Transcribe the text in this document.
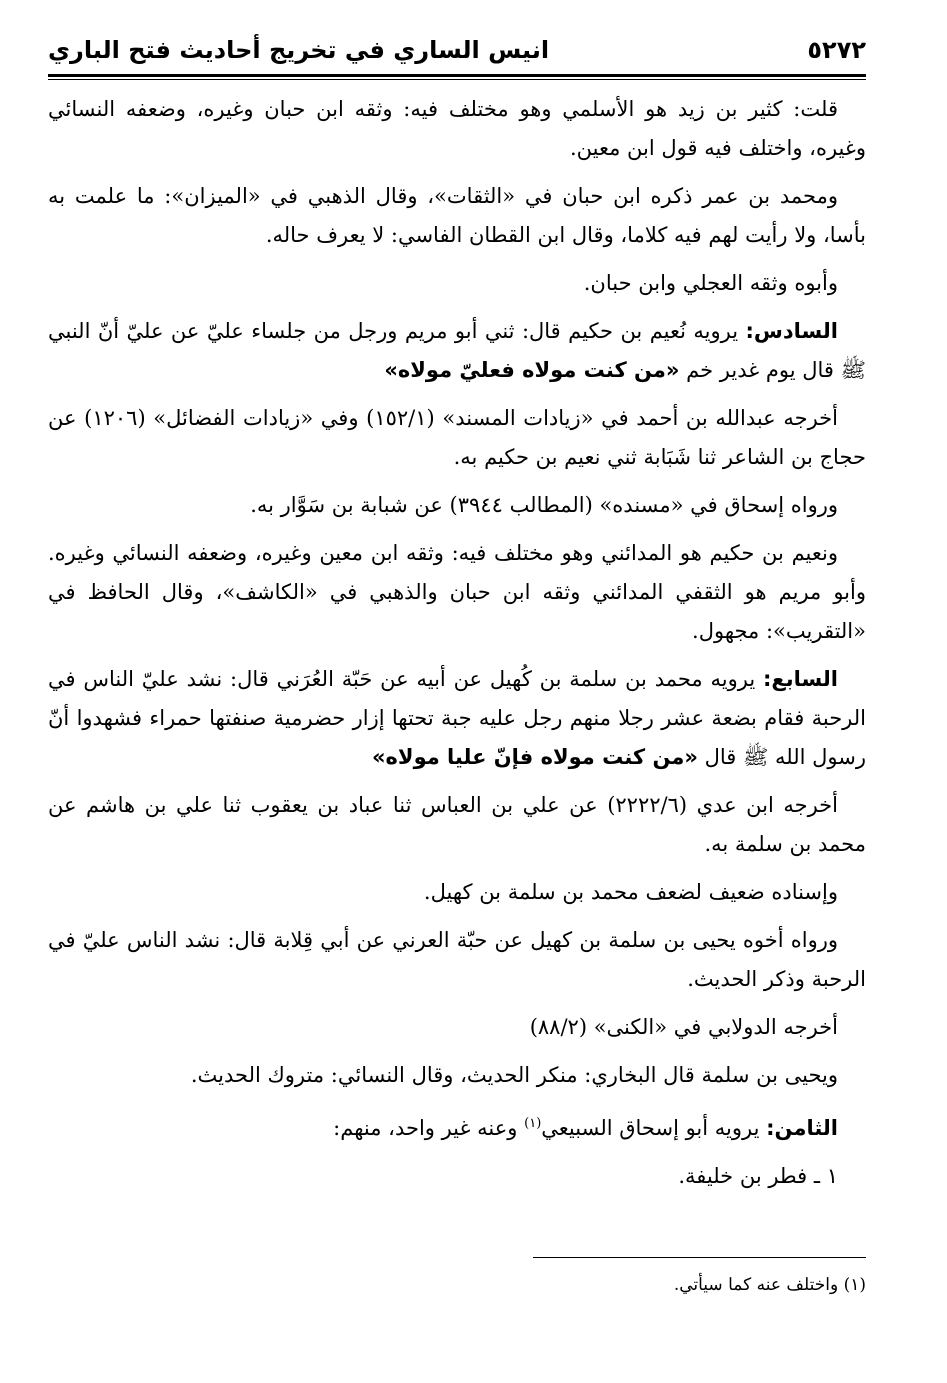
٥٢٧٢
انيس الساري في تخريج أحاديث فتح الباري

قلت: كثير بن زيد هو الأسلمي وهو مختلف فيه: وثقه ابن حبان وغيره، وضعفه النسائي وغيره، واختلف فيه قول ابن معين.

ومحمد بن عمر ذكره ابن حبان في «الثقات»، وقال الذهبي في «الميزان»: ما علمت به بأسا، ولا رأيت لهم فيه كلاما، وقال ابن القطان الفاسي: لا يعرف حاله.

وأبوه وثقه العجلي وابن حبان.

السادس: يرويه نُعيم بن حكيم قال: ثني أبو مريم ورجل من جلساء عليّ عن عليّ أنّ النبي ﷺ قال يوم غدير خم «من كنت مولاه فعليّ مولاه»

أخرجه عبدالله بن أحمد في «زيادات المسند» (١٥٢/١) وفي «زيادات الفضائل» (١٢٠٦) عن حجاج بن الشاعر ثنا شَبَابة ثني نعيم بن حكيم به.

ورواه إسحاق في «مسنده» (المطالب ٣٩٤٤) عن شبابة بن سَوَّار به.

ونعيم بن حكيم هو المدائني وهو مختلف فيه: وثقه ابن معين وغيره، وضعفه النسائي وغيره. وأبو مريم هو الثقفي المدائني وثقه ابن حبان والذهبي في «الكاشف»، وقال الحافظ في «التقريب»: مجهول.

السابع: يرويه محمد بن سلمة بن كُهيل عن أبيه عن حَبّة العُرَني قال: نشد عليّ الناس في الرحبة فقام بضعة عشر رجلا منهم رجل عليه جبة تحتها إزار حضرمية صنفتها حمراء فشهدوا أنّ رسول الله ﷺ قال «من كنت مولاه فإنّ عليا مولاه»

أخرجه ابن عدي (٢٢٢٢/٦) عن علي بن العباس ثنا عباد بن يعقوب ثنا علي بن هاشم عن محمد بن سلمة به.

وإسناده ضعيف لضعف محمد بن سلمة بن كهيل.

ورواه أخوه يحيى بن سلمة بن كهيل عن حبّة العرني عن أبي قِلابة قال: نشد الناس عليّ في الرحبة وذكر الحديث.

أخرجه الدولابي في «الكنى» (٨٨/٢)

ويحيى بن سلمة قال البخاري: منكر الحديث، وقال النسائي: متروك الحديث.

الثامن: يرويه أبو إسحاق السبيعي$^{(١)}$ وعنه غير واحد، منهم:

١ ـ فطر بن خليفة.

(١) واختلف عنه كما سيأتي.
